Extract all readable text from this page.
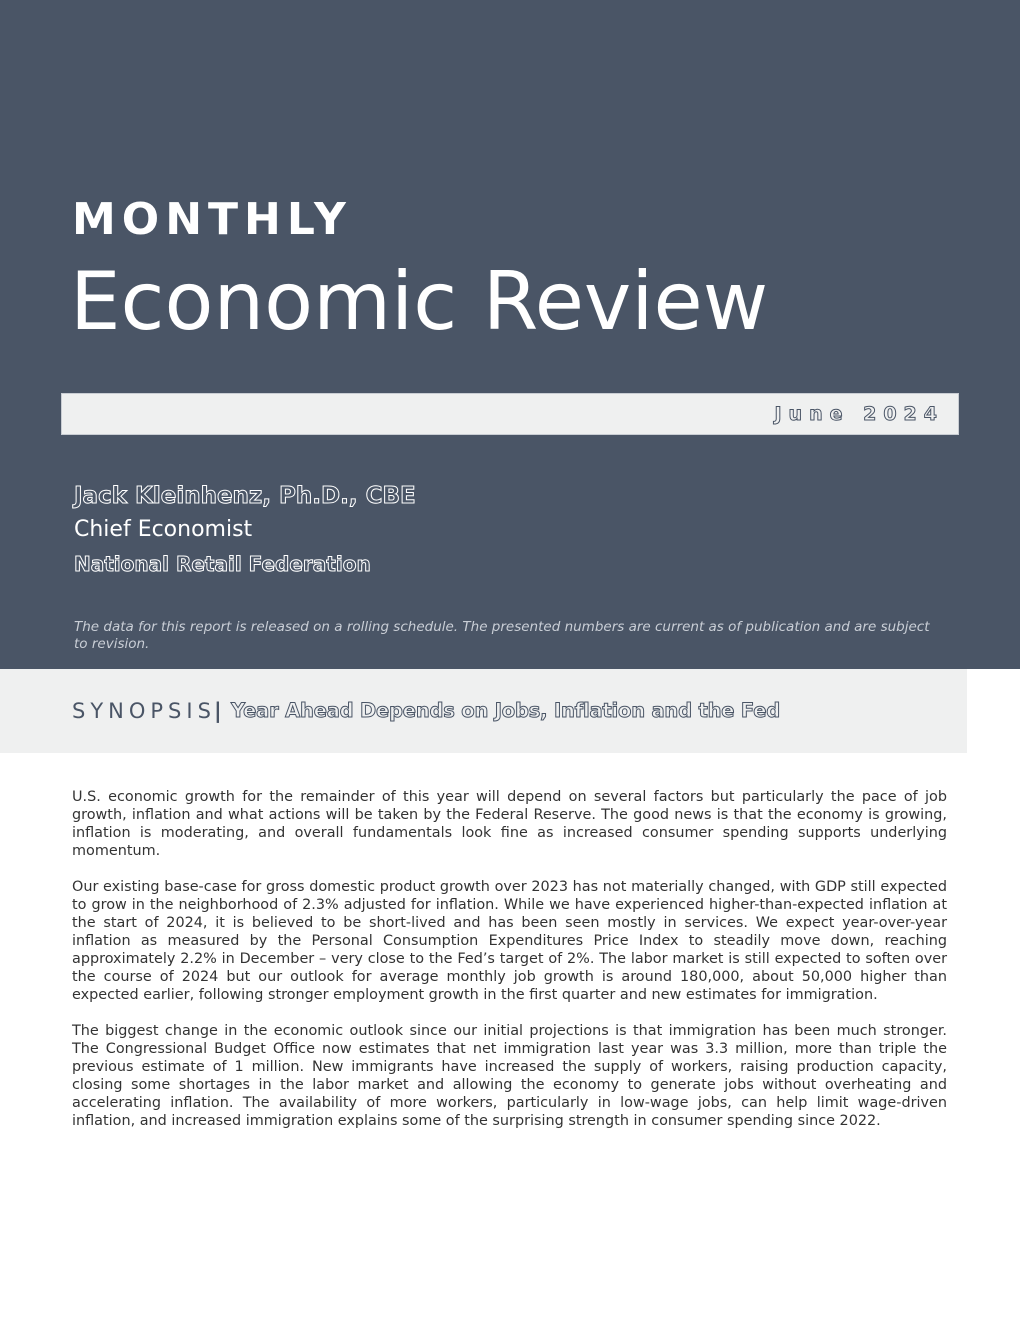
MONTHLY
Economic Review
June 2024
Jack Kleinhenz, Ph.D., CBE
Chief Economist
National Retail Federation

The data for this report is released on a rolling schedule. The presented numbers are current as of publication and are subject to revision.

SYNOPSIS
| Year Ahead Depends on Jobs, Inflation and the Fed

U.S. economic growth for the remainder of this year will depend on several factors but particularly the pace of job growth, inflation and what actions will be taken by the Federal Reserve. The good news is that the economy is growing, inflation is moderating, and overall fundamentals look fine as increased consumer spending supports underlying momentum.

Our existing base-case for gross domestic product growth over 2023 has not materially changed, with GDP still expected to grow in the neighborhood of 2.3% adjusted for inflation. While we have experienced higher-than-expected inflation at the start of 2024, it is believed to be short-lived and has been seen mostly in services. We expect year-over-year inflation as measured by the Personal Consumption Expenditures Price Index to steadily move down, reaching approximately 2.2% in December – very close to the Fed’s target of 2%. The labor market is still expected to soften over the course of 2024 but our outlook for average monthly job growth is around 180,000, about 50,000 higher than expected earlier, following stronger employment growth in the first quarter and new estimates for immigration.

The biggest change in the economic outlook since our initial projections is that immigration has been much stronger. The Congressional Budget Office now estimates that net immigration last year was 3.3 million, more than triple the previous estimate of 1 million. New immigrants have increased the supply of workers, raising production capacity, closing some shortages in the labor market and allowing the economy to generate jobs without overheating and accelerating inflation. The availability of more workers, particularly in low-wage jobs, can help limit wage-driven inflation, and increased immigration explains some of the surprising strength in consumer spending since 2022.
